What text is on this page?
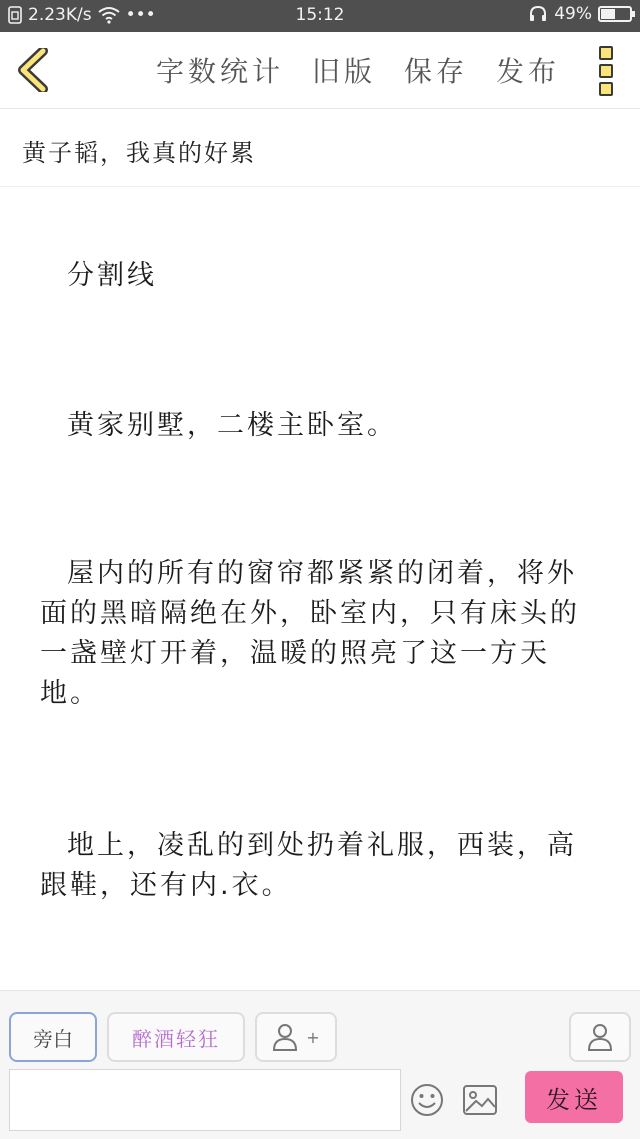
2.23K/s •••	15:12	49%
字数统计 旧版 保存 发布
黄子韬，我真的好累
分割线
黄家别墅，二楼主卧室。
屋内的所有的窗帘都紧紧的闭着，将外面的黑暗隔绝在外，卧室内，只有床头的一盏壁灯开着，温暖的照亮了这一方天地。
地上，凌乱的到处扔着礼服，西装，高跟鞋，还有内.衣。
旁白	醉酒轻狂	+
发送
